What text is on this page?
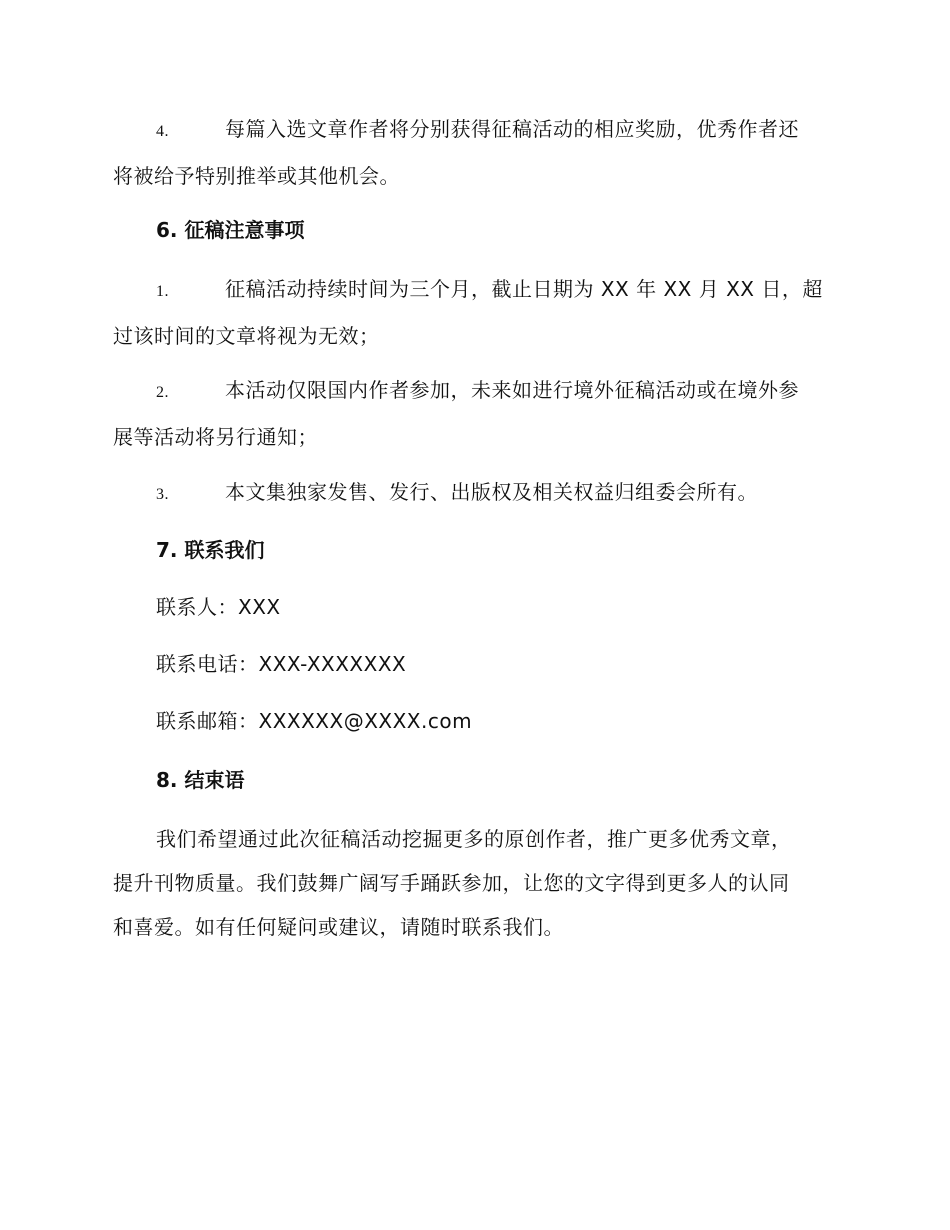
4.	每篇入选文章作者将分别获得征稿活动的相应奖励，优秀作者还
将被给予特别推举或其他机会。
6. 征稿注意事项
1.	征稿活动持续时间为三个月，截止日期为 XX 年 XX 月 XX 日，超
过该时间的文章将视为无效；
2.	本活动仅限国内作者参加，未来如进行境外征稿活动或在境外参
展等活动将另行通知；
3.	本文集独家发售、发行、出版权及相关权益归组委会所有。
7. 联系我们
联系人：XXX
联系电话：XXX-XXXXXXX
联系邮箱：XXXXXX@XXXX.com
8. 结束语
我们希望通过此次征稿活动挖掘更多的原创作者，推广更多优秀文章，
提升刊物质量。我们鼓舞广阔写手踊跃参加，让您的文字得到更多人的认同
和喜爱。如有任何疑问或建议，请随时联系我们。
